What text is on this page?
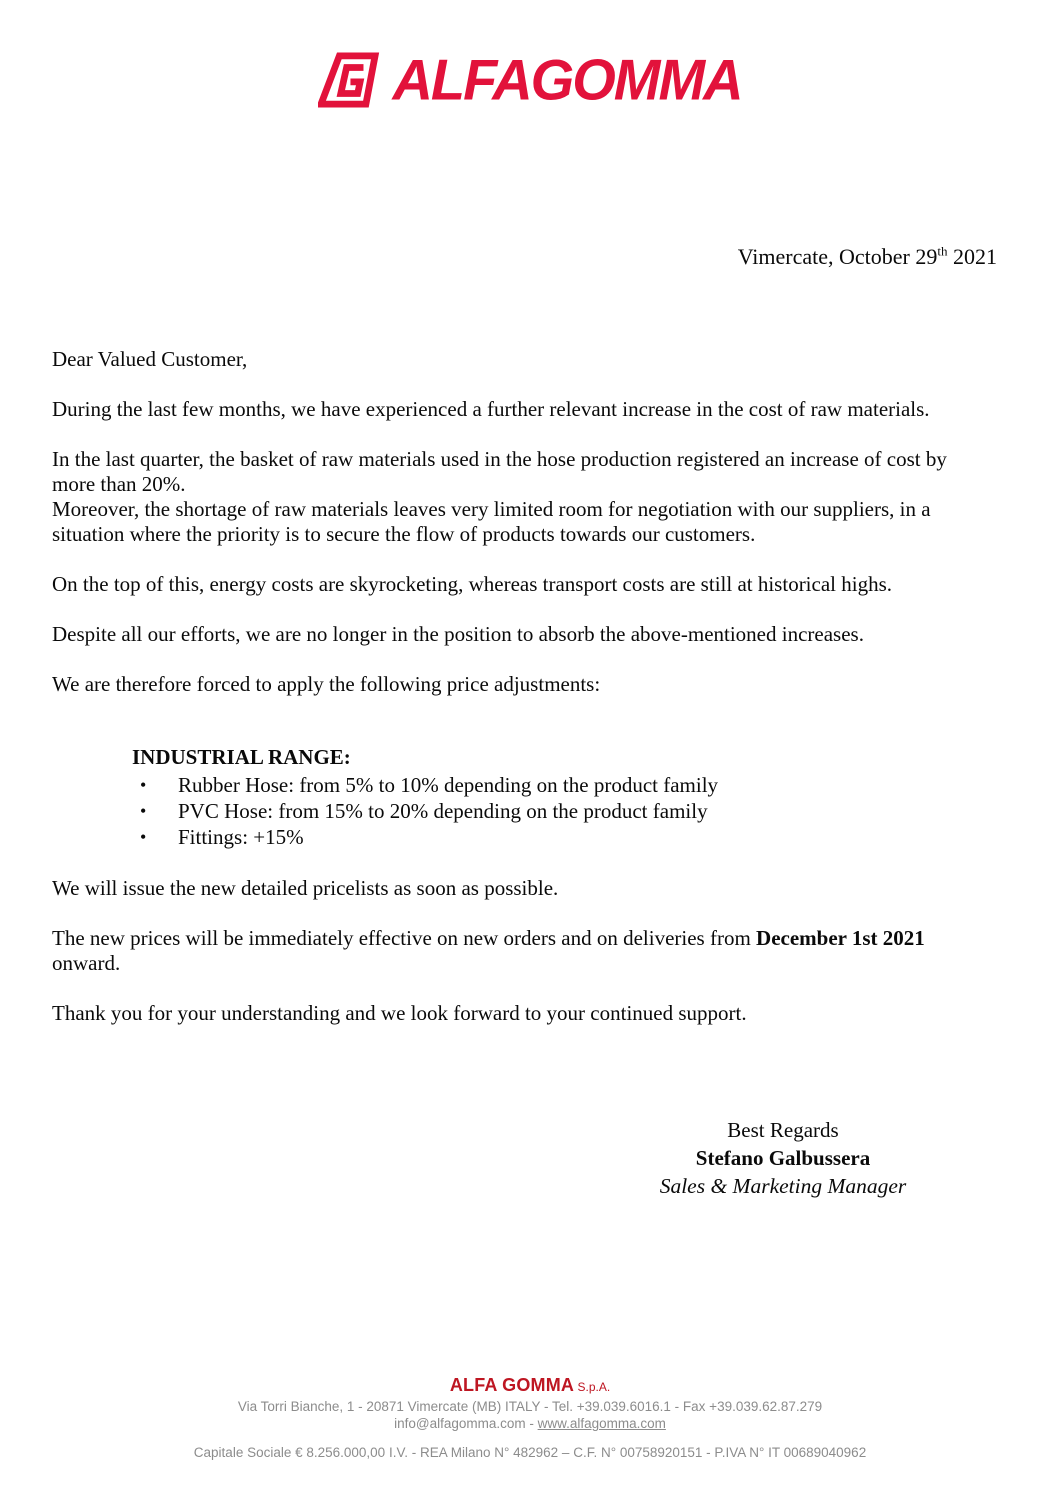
ALFAGOMMA
Vimercate, October 29th 2021

Dear Valued Customer,

During the last few months, we have experienced a further relevant increase in the cost of raw materials.

In the last quarter, the basket of raw materials used in the hose production registered an increase of cost by more than 20%.

Moreover, the shortage of raw materials leaves very limited room for negotiation with our suppliers, in a situation where the priority is to secure the flow of products towards our customers.

On the top of this, energy costs are skyrocketing, whereas transport costs are still at historical highs.

Despite all our efforts, we are no longer in the position to absorb the above-mentioned increases.

We are therefore forced to apply the following price adjustments:

INDUSTRIAL RANGE:
•	Rubber Hose: from 5% to 10% depending on the product family
•	PVC Hose: from 15% to 20% depending on the product family
•	Fittings: +15%

We will issue the new detailed pricelists as soon as possible.

The new prices will be immediately effective on new orders and on deliveries from December 1st 2021 onward.

Thank you for your understanding and we look forward to your continued support.

Best Regards
Stefano Galbussera
Sales & Marketing Manager
ALFA GOMMA S.p.A.
Via Torri Bianche, 1 - 20871 Vimercate (MB) ITALY - Tel. +39.039.6016.1 - Fax +39.039.62.87.279
info@alfagomma.com - www.alfagomma.com
Capitale Sociale € 8.256.000,00 I.V. - REA Milano N° 482962 – C.F. N° 00758920151 - P.IVA N° IT 00689040962
